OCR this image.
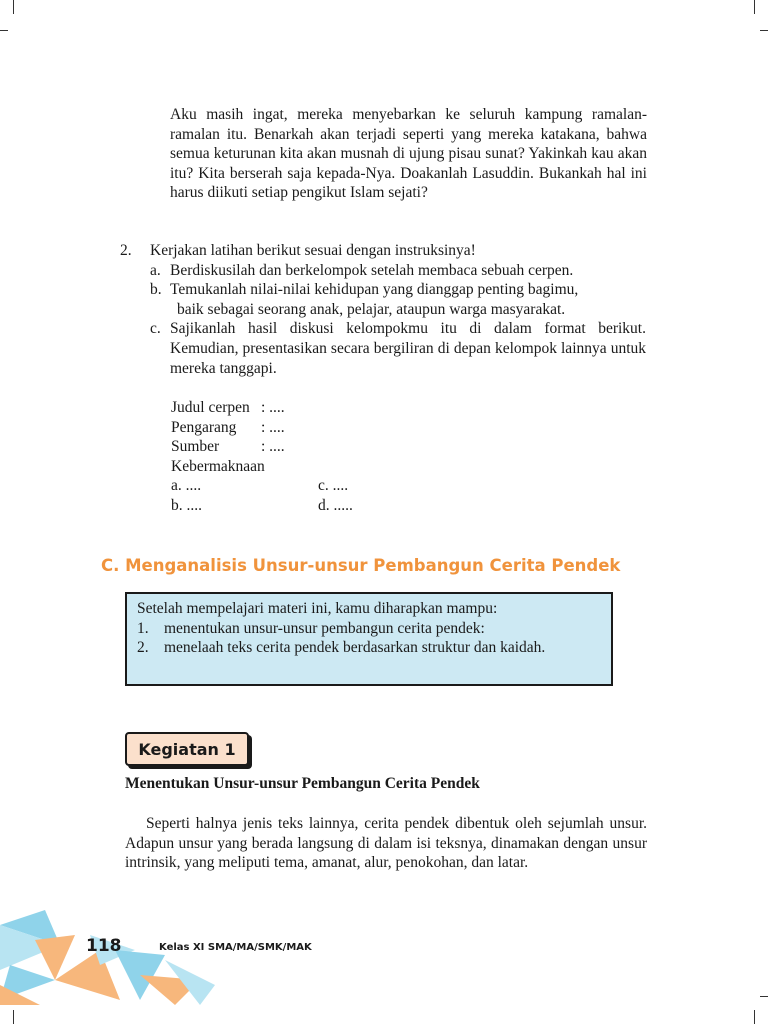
Aku masih ingat, mereka menyebarkan ke seluruh kampung ramalan-ramalan itu. Benarkah akan terjadi seperti yang mereka katakana, bahwa semua keturunan kita akan musnah di ujung pisau sunat? Yakinkah kau akan itu? Kita berserah saja kepada-Nya. Doakanlah Lasuddin. Bukankah hal ini harus diikuti setiap pengikut Islam sejati?

2.	Kerjakan latihan berikut sesuai dengan instruksinya!
a. Berdiskusilah dan berkelompok setelah membaca sebuah cerpen.
b. Temukanlah nilai-nilai kehidupan yang dianggap penting bagimu,
baik sebagai seorang anak, pelajar, ataupun warga masyarakat.
c. Sajikanlah hasil diskusi kelompokmu itu di dalam format berikut. Kemudian, presentasikan secara bergiliran di depan kelompok lainnya untuk mereka tanggapi.
Judul cerpen : ....
Pengarang : ....
Sumber	: ....
Kebermaknaan
a. ....	c. ....
b. ....	d. .....
C. Menganalisis Unsur-unsur Pembangun Cerita Pendek
Setelah mempelajari materi ini, kamu diharapkan mampu:
1. menentukan unsur-unsur pembangun cerita pendek:
2. menelaah teks cerita pendek berdasarkan struktur dan kaidah.
Kegiatan 1
Menentukan Unsur-unsur Pembangun Cerita Pendek

Seperti halnya jenis teks lainnya, cerita pendek dibentuk oleh sejumlah unsur. Adapun unsur yang berada langsung di dalam isi teksnya, dinamakan dengan unsur intrinsik, yang meliputi tema, amanat, alur, penokohan, dan latar.

118	Kelas XI SMA/MA/SMK/MAK
